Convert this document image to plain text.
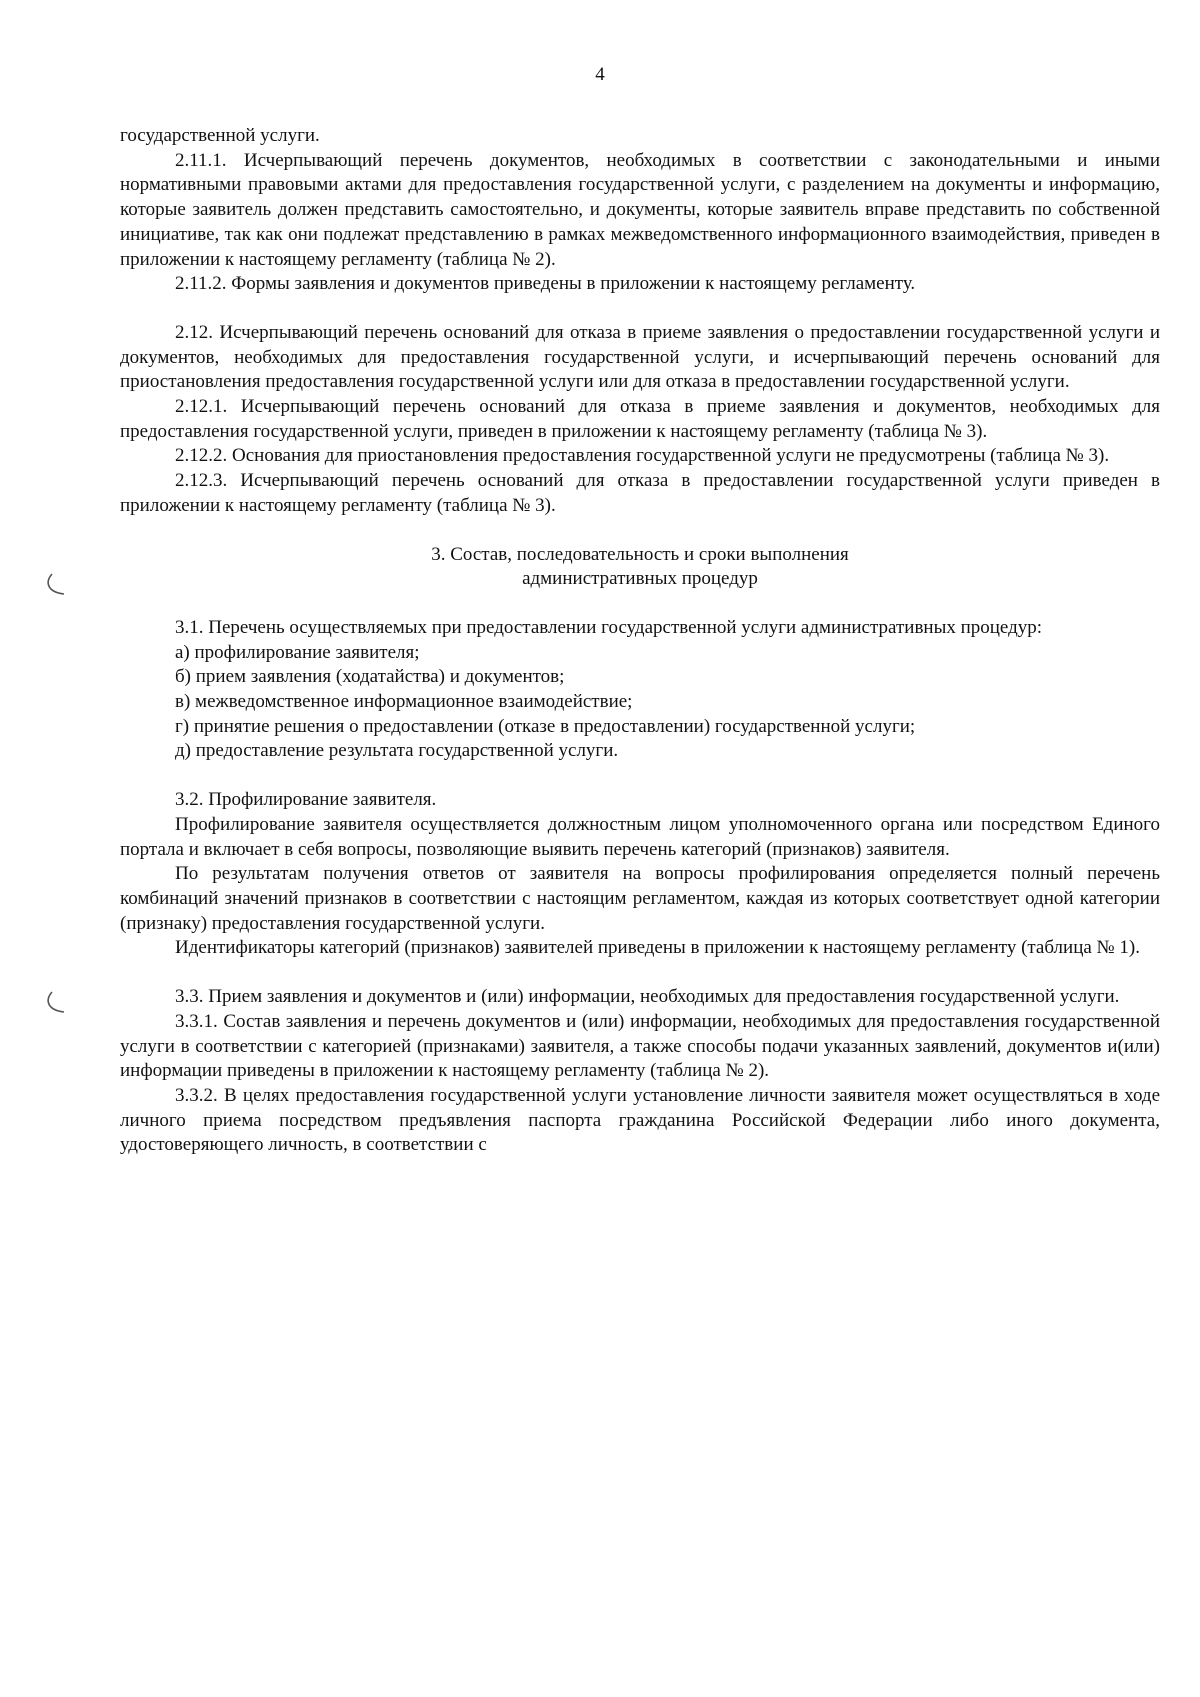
4

государственной услуги.

2.11.1. Исчерпывающий перечень документов, необходимых в соответствии с законодательными и иными нормативными правовыми актами для предоставления государственной услуги, с разделением на документы и информацию, которые заявитель должен представить самостоятельно, и документы, которые заявитель вправе представить по собственной инициативе, так как они подлежат представлению в рамках межведомственного информационного взаимодействия, приведен в приложении к настоящему регламенту (таблица № 2).

2.11.2. Формы заявления и документов приведены в приложении к настоящему регламенту.

2.12. Исчерпывающий перечень оснований для отказа в приеме заявления о предоставлении государственной услуги и документов, необходимых для предоставления государственной услуги, и исчерпывающий перечень оснований для приостановления предоставления государственной услуги или для отказа в предоставлении государственной услуги.

2.12.1. Исчерпывающий перечень оснований для отказа в приеме заявления и документов, необходимых для предоставления государственной услуги, приведен в приложении к настоящему регламенту (таблица № 3).

2.12.2. Основания для приостановления предоставления государственной услуги не предусмотрены (таблица № 3).

2.12.3. Исчерпывающий перечень оснований для отказа в предоставлении государственной услуги приведен в приложении к настоящему регламенту (таблица № 3).

3. Состав, последовательность и сроки выполнения

административных процедур

3.1. Перечень осуществляемых при предоставлении государственной услуги административных процедур:

а) профилирование заявителя;

б) прием заявления (ходатайства) и документов;

в) межведомственное информационное взаимодействие;

г) принятие решения о предоставлении (отказе в предоставлении) государственной услуги;

д) предоставление результата государственной услуги.

3.2. Профилирование заявителя.

Профилирование заявителя осуществляется должностным лицом уполномоченного органа или посредством Единого портала и включает в себя вопросы, позволяющие выявить перечень категорий (признаков) заявителя.

По результатам получения ответов от заявителя на вопросы профилирования определяется полный перечень комбинаций значений признаков в соответствии с настоящим регламентом, каждая из которых соответствует одной категории (признаку) предоставления государственной услуги.

Идентификаторы категорий (признаков) заявителей приведены в приложении к настоящему регламенту (таблица № 1).

3.3. Прием заявления и документов и (или) информации, необходимых для предоставления государственной услуги.

3.3.1. Состав заявления и перечень документов и (или) информации, необходимых для предоставления государственной услуги в соответствии с категорией (признаками) заявителя, а также способы подачи указанных заявлений, документов и(или) информации приведены в приложении к настоящему регламенту (таблица № 2).

3.3.2. В целях предоставления государственной услуги установление личности заявителя может осуществляться в ходе личного приема посредством предъявления паспорта гражданина Российской Федерации либо иного документа, удостоверяющего личность, в соответствии с
